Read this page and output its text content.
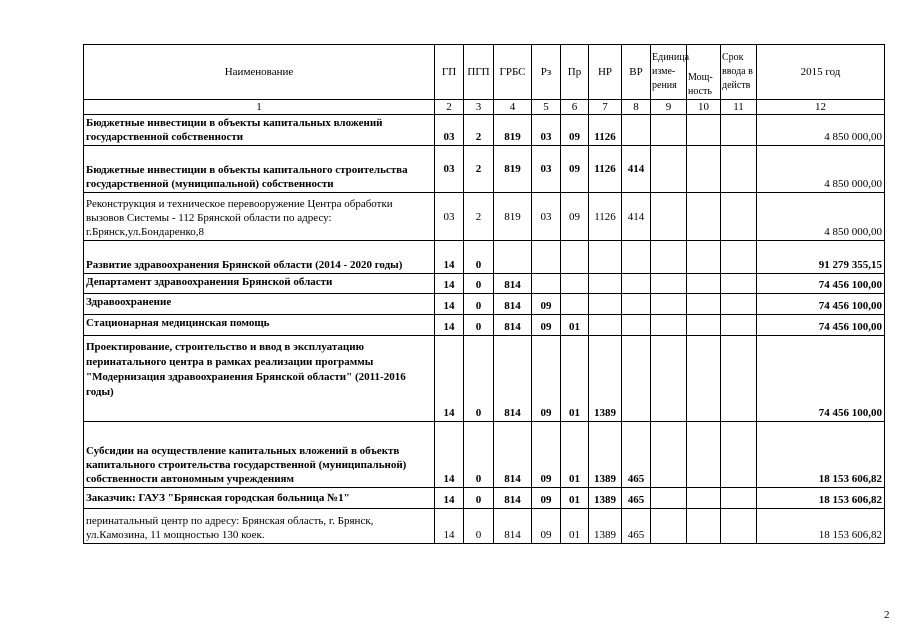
Наименование	ГП	ПГП	ГРБС	Рз	Пр	НР	ВР	Единица изме-рения	Мощ-ность	Срок ввода в действ	2015 год
1	2	3	4	5	6	7	8	9	10	11	12
Бюджетные инвестиции в объекты капитальных вложений государственной собственности	03	2	819	03	09	1126					4 850 000,00
Бюджетные инвестиции в объекты капитального строительства государственной (муниципальной) собственности	03	2	819	03	09	1126	414				4 850 000,00
Реконструкция и техническое перевооружение Центра обработки вызовов Системы - 112 Брянской области по адресу: г.Брянск,ул.Бондаренко,8	03	2	819	03	09	1126	414				4 850 000,00
Развитие здравоохранения Брянской области (2014 - 2020 годы)	14	0									91 279 355,15
Департамент здравоохранения Брянской области	14	0	814								74 456 100,00
Здравоохранение	14	0	814	09							74 456 100,00
Стационарная медицинская помощь	14	0	814	09	01						74 456 100,00
Проектирование, строительство и ввод в эксплуатацию перинатального центра в рамках реализации программы "Модернизация здравоохранения Брянской области" (2011-2016 годы)	14	0	814	09	01	1389					74 456 100,00
Субсидии на осуществление капитальных вложений в объектв капитального строительства государственной (муниципальной) собственности автономным учреждениям	14	0	814	09	01	1389	465				18 153 606,82
Заказчик: ГАУЗ "Брянская городская больница №1"	14	0	814	09	01	1389	465				18 153 606,82
перинатальный центр по адресу: Брянская область, г. Брянск, ул.Камозина, 11 мощностью 130 коек.	14	0	814	09	01	1389	465				18 153 606,82
2
